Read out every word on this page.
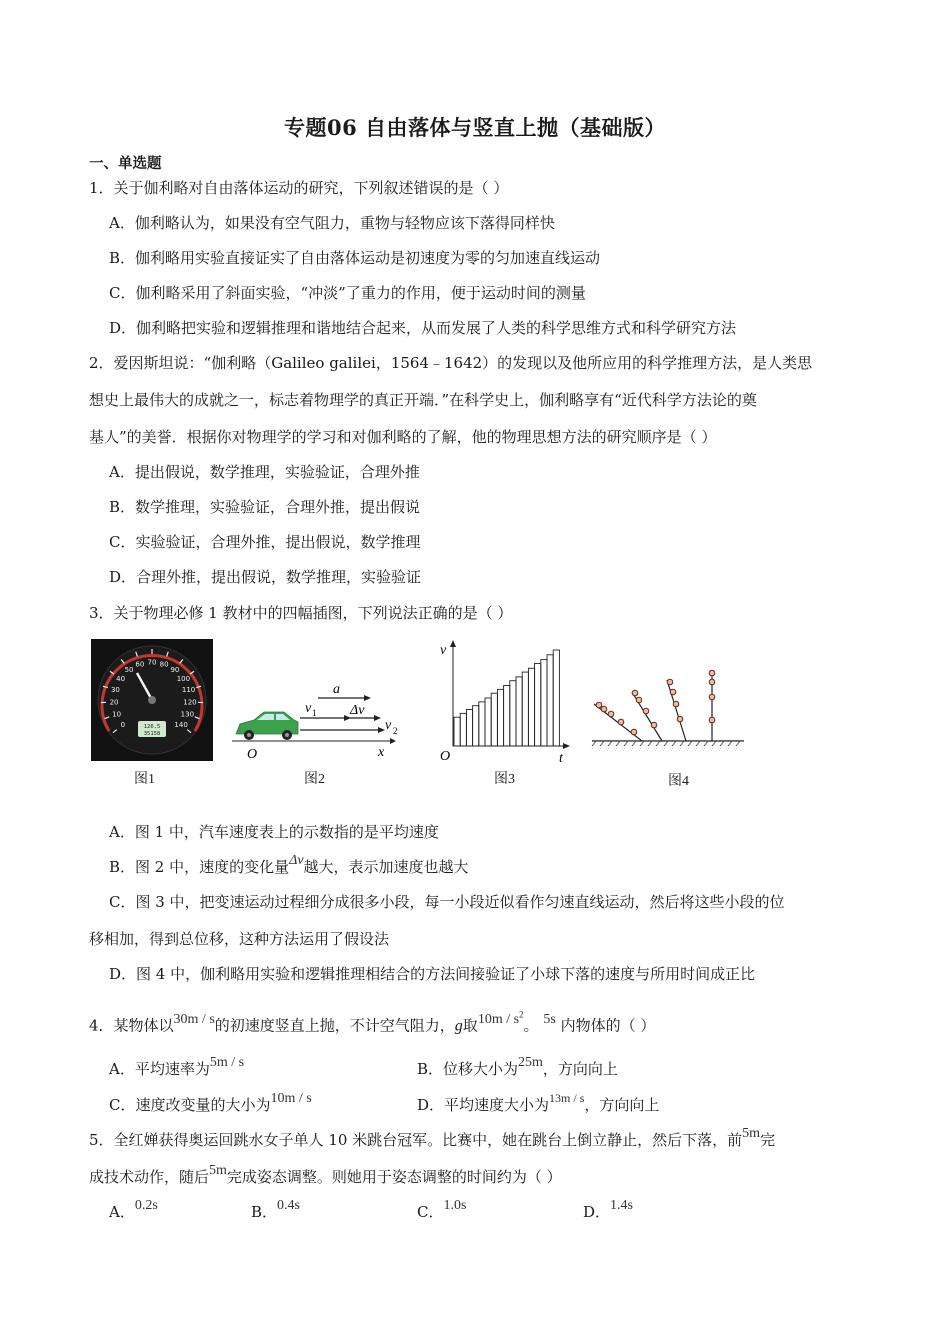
专题06 自由落体与竖直上抛（基础版）
一、单选题
1．关于伽利略对自由落体运动的研究，下列叙述错误的是（ ）
A．伽利略认为，如果没有空气阻力，重物与轻物应该下落得同样快
B．伽利略用实验直接证实了自由落体运动是初速度为零的匀加速直线运动
C．伽利略采用了斜面实验，“冲淡”了重力的作用，便于运动时间的测量
D．伽利略把实验和逻辑推理和谐地结合起来，从而发展了人类的科学思维方式和科学研究方法
2．爱因斯坦说：“伽利略（Galileo galilei，1564﹣1642）的发现以及他所应用的科学推理方法，是人类思
想史上最伟大的成就之一，标志着物理学的真正开端．”在科学史上，伽利略享有“近代科学方法论的奠
基人”的美誉．根据你对物理学的学习和对伽利略的了解，他的物理思想方法的研究顺序是（ ）
A．提出假说，数学推理，实验验证，合理外推
B．数学推理，实验验证，合理外推，提出假说
C．实验验证，合理外推，提出假说，数学推理
D．合理外推，提出假说，数学推理，实验验证
3．关于物理必修 1 教材中的四幅插图，下列说法正确的是（ ）
0
10
20
30
40
50
60 70 80
90
100
110
120
130
140
126.5
35158
图1
a
v 1 Δv
v 2
O	x
图2
v
O	t
图3	图4
A．图 1 中，汽车速度表上的示数指的是平均速度
B．图 2 中，速度的变化量Δv越大，表示加速度也越大
C．图 3 中，把变速运动过程细分成很多小段，每一小段近似看作匀速直线运动，然后将这些小段的位
移相加，得到总位移，这种方法运用了假设法
D．图 4 中，伽利略用实验和逻辑推理相结合的方法间接验证了小球下落的速度与所用时间成正比
4．某物体以30m / s的初速度竖直上抛，不计空气阻力，g取$10m / s^2$。 5s 内物体的（ ）
A．平均速率为5m / s	B．位移大小为25m，方向向上
C．速度改变量的大小为10m / s	D．平均速度大小为$^{13m / s}$，方向向上
5．全红婵获得奥运回跳水女子单人 10 米跳台冠军。比赛中，她在跳台上倒立静止，然后下落，前5m完
成技术动作，随后5m完成姿态调整。则她用于姿态调整的时间约为（ ）
A．0.2s	B．0.4s	C．1.0s	D．1.4s
